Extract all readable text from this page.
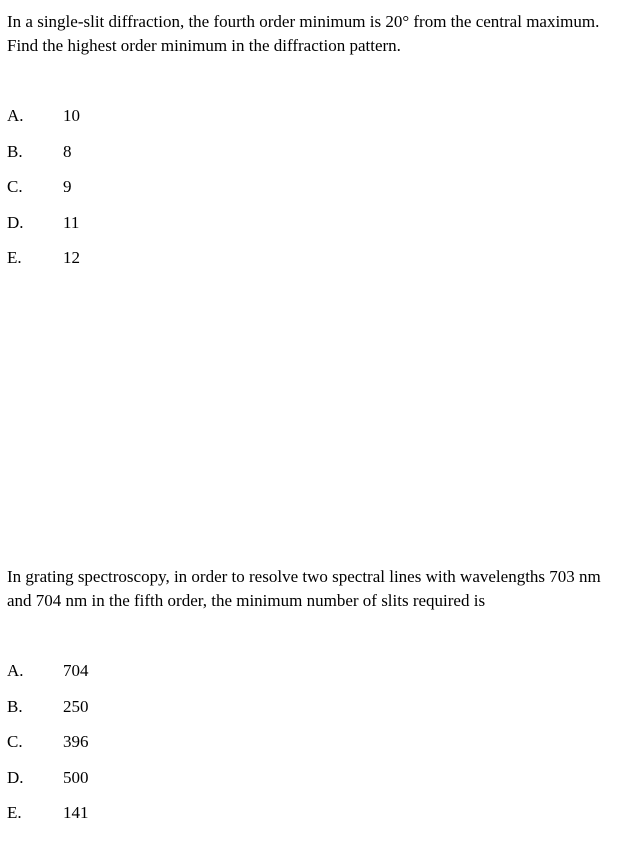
In a single-slit diffraction, the fourth order minimum is 20° from the central maximum. Find the highest order minimum in the diffraction pattern.

A. 10
B. 8
C. 9
D. 11
E. 12

In grating spectroscopy, in order to resolve two spectral lines with wavelengths 703 nm and 704 nm in the fifth order, the minimum number of slits required is

A. 704
B. 250
C. 396
D. 500
E. 141
